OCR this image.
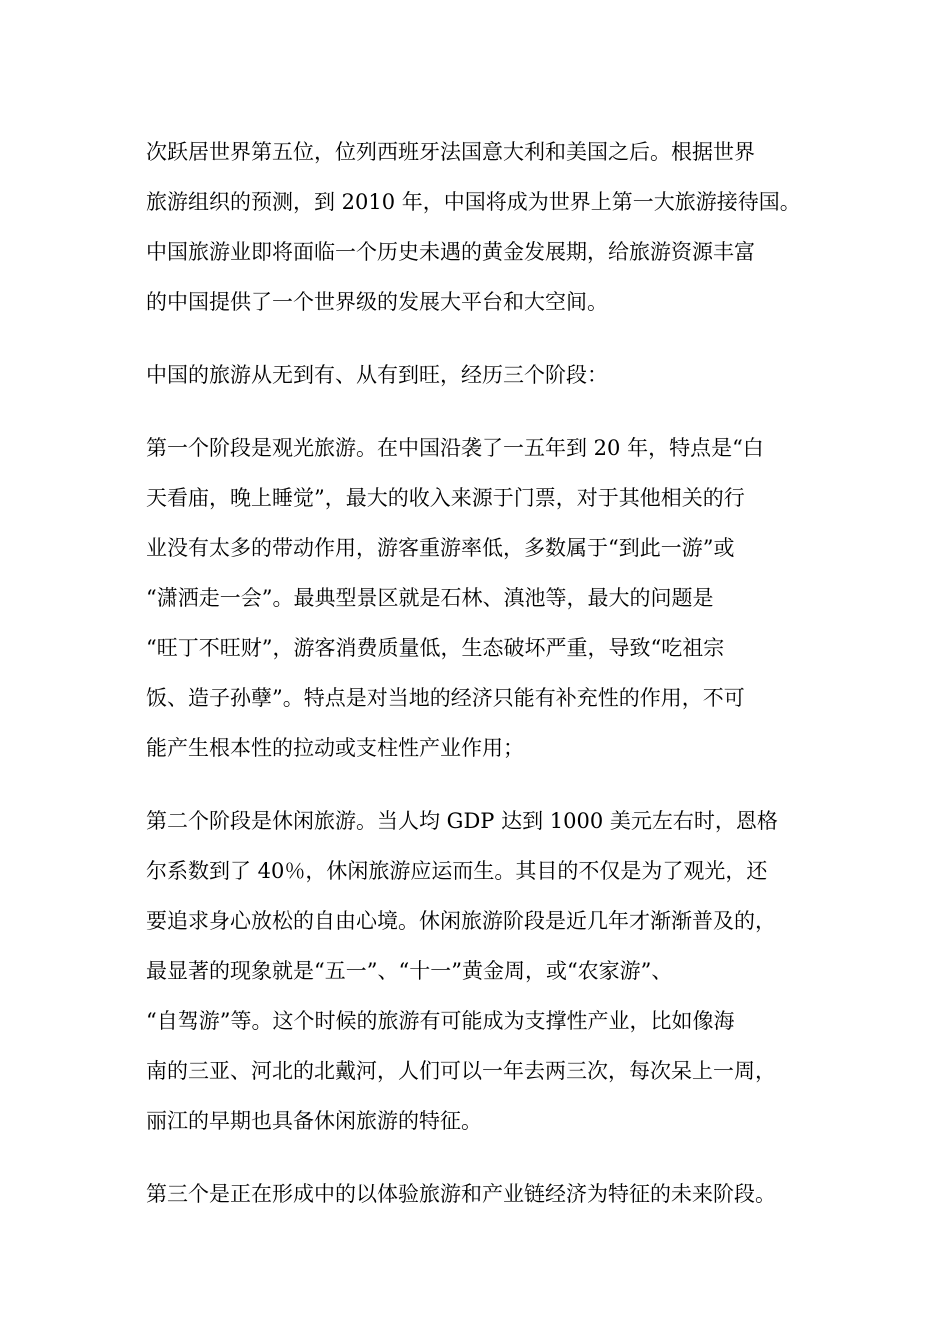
次跃居世界第五位，位列西班牙法国意大利和美国之后。根据世界
旅游组织的预测，到 2010 年，中国将成为世界上第一大旅游接待国。
中国旅游业即将面临一个历史未遇的黄金发展期，给旅游资源丰富
的中国提供了一个世界级的发展大平台和大空间。
中国的旅游从无到有、从有到旺，经历三个阶段：
第一个阶段是观光旅游。在中国沿袭了一五年到 20 年，特点是“白
天看庙，晚上睡觉”，最大的收入来源于门票，对于其他相关的行
业没有太多的带动作用，游客重游率低，多数属于“到此一游”或
“潇洒走一会”。最典型景区就是石林、滇池等，最大的问题是
“旺丁不旺财”，游客消费质量低，生态破坏严重，导致“吃祖宗
饭、造子孙孽”。特点是对当地的经济只能有补充性的作用，不可
能产生根本性的拉动或支柱性产业作用；
第二个阶段是休闲旅游。当人均 GDP 达到 1000 美元左右时，恩格
尔系数到了 40％，休闲旅游应运而生。其目的不仅是为了观光，还
要追求身心放松的自由心境。休闲旅游阶段是近几年才渐渐普及的，
最显著的现象就是“五一”、“十一”黄金周，或“农家游”、
“自驾游”等。这个时候的旅游有可能成为支撑性产业，比如像海
南的三亚、河北的北戴河，人们可以一年去两三次，每次呆上一周，
丽江的早期也具备休闲旅游的特征。
第三个是正在形成中的以体验旅游和产业链经济为特征的未来阶段。
